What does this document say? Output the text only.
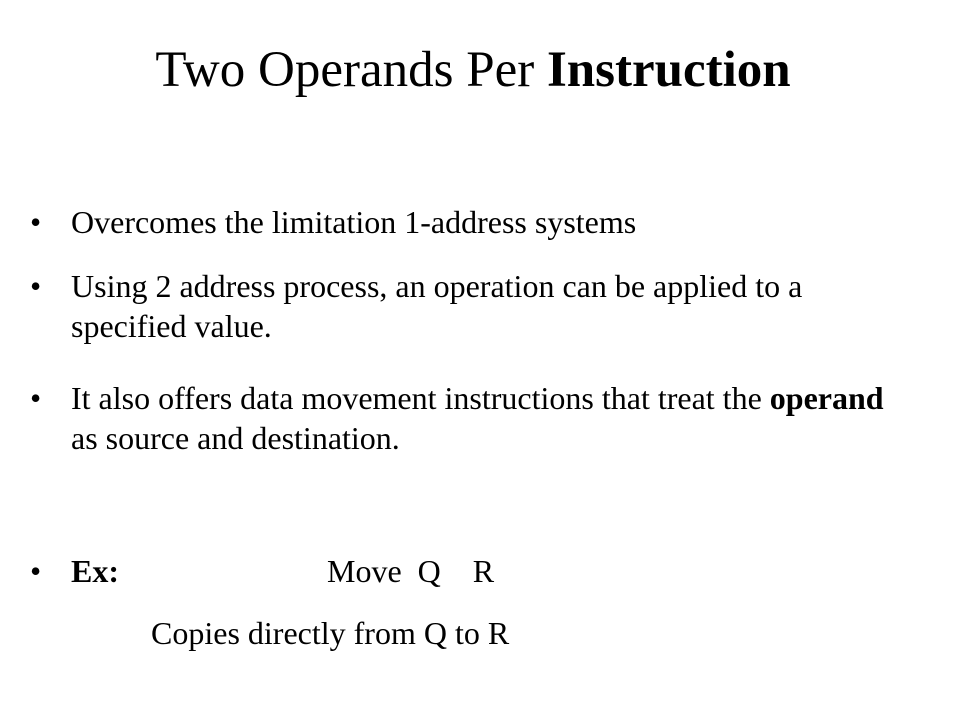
Two Operands Per Instruction
• Overcomes the limitation 1-address systems
• Using 2 address process, an operation can be applied to a specified value.
• It also offers data movement instructions that treat the operand as source and destination.
• Ex:	Move  Q    R
Copies directly from Q to R
